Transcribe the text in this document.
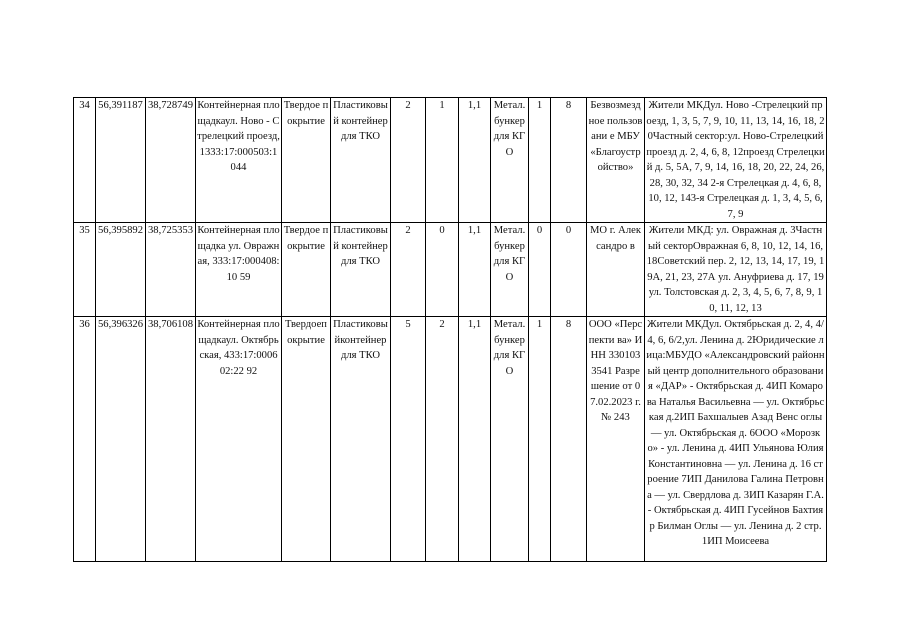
34	56,391187	38,728749	Контейнерная площадкаул. Ново - Стрелецкий проезд, 1333:17:000503:1 044	Твердое покрытие	Пластиковы й контейнер для ТКО	2	1	1,1	Метал. бункер для КГО	1	8	Безвозмезд ное пользовани е МБУ «Благоустр ойство»	Жители МКДул. Ново -Стрелецкий проезд, 1, 3, 5, 7, 9, 10, 11, 13, 14, 16, 18, 20Частный сектор:ул. Ново-Стрелецкий проезд д. 2, 4, 6, 8, 12проезд Стрелецкий д. 5, 5А, 7, 9, 14, 16, 18, 20, 22, 24, 26, 28, 30, 32, 34 2-я Стрелецкая д. 4, 6, 8, 10, 12, 143-я Стрелецкая д. 1, 3, 4, 5, 6, 7, 9
35	56,395892	38,725353	Контейнерная площадка ул. Овражная, 333:17:000408:10 59	Твердое покрытие	Пластиковы й контейнер для ТКО	2	0	1,1	Метал. бункер для КГО	0	0	МО г. Александро в	Жители МКД: ул. Овражная д. 3Частный секторОвражная 6, 8, 10, 12, 14, 16, 18Советский пер. 2, 12, 13, 14, 17, 19, 19А, 21, 23, 27А ул. Ануфриева д. 17, 19ул. Толстовская д. 2, 3, 4, 5, 6, 7, 8, 9, 10, 11, 12, 13
36	56,396326	38,706108	Контейнерная площадкаул. Октябрьская, 433:17:000602:22 92	Твердоеп окрытие	Пластиковы йконтейнер для ТКО	5	2	1,1	Метал. бункер для КГО	1	8	ООО «Перспекти ва» ИНН 3301033541 Разрешение от 07.02.2023 г. № 243	Жители МКДул. Октябрьская д. 2, 4, 4/4, 6, 6/2,ул. Ленина д. 2Юридические лица:МБУДО «Александровский районный центр дополнительного образования «ДАР» - Октябрьская д. 4ИП Комарова Наталья Васильевна — ул. Октябрьская д.2ИП Бахшалыев Азад Венс оглы — ул. Октябрьская д. 6ООО «Морозко» - ул. Ленина д. 4ИП Ульянова Юлия Константиновна — ул. Ленина д. 16 строение 7ИП Данилова Галина Петровна — ул. Свердлова д. 3ИП Казарян Г.А. - Октябрьская д. 4ИП Гусейнов Бахтияр Билман Оглы — ул. Ленина д. 2 стр. 1ИП Моисеева
